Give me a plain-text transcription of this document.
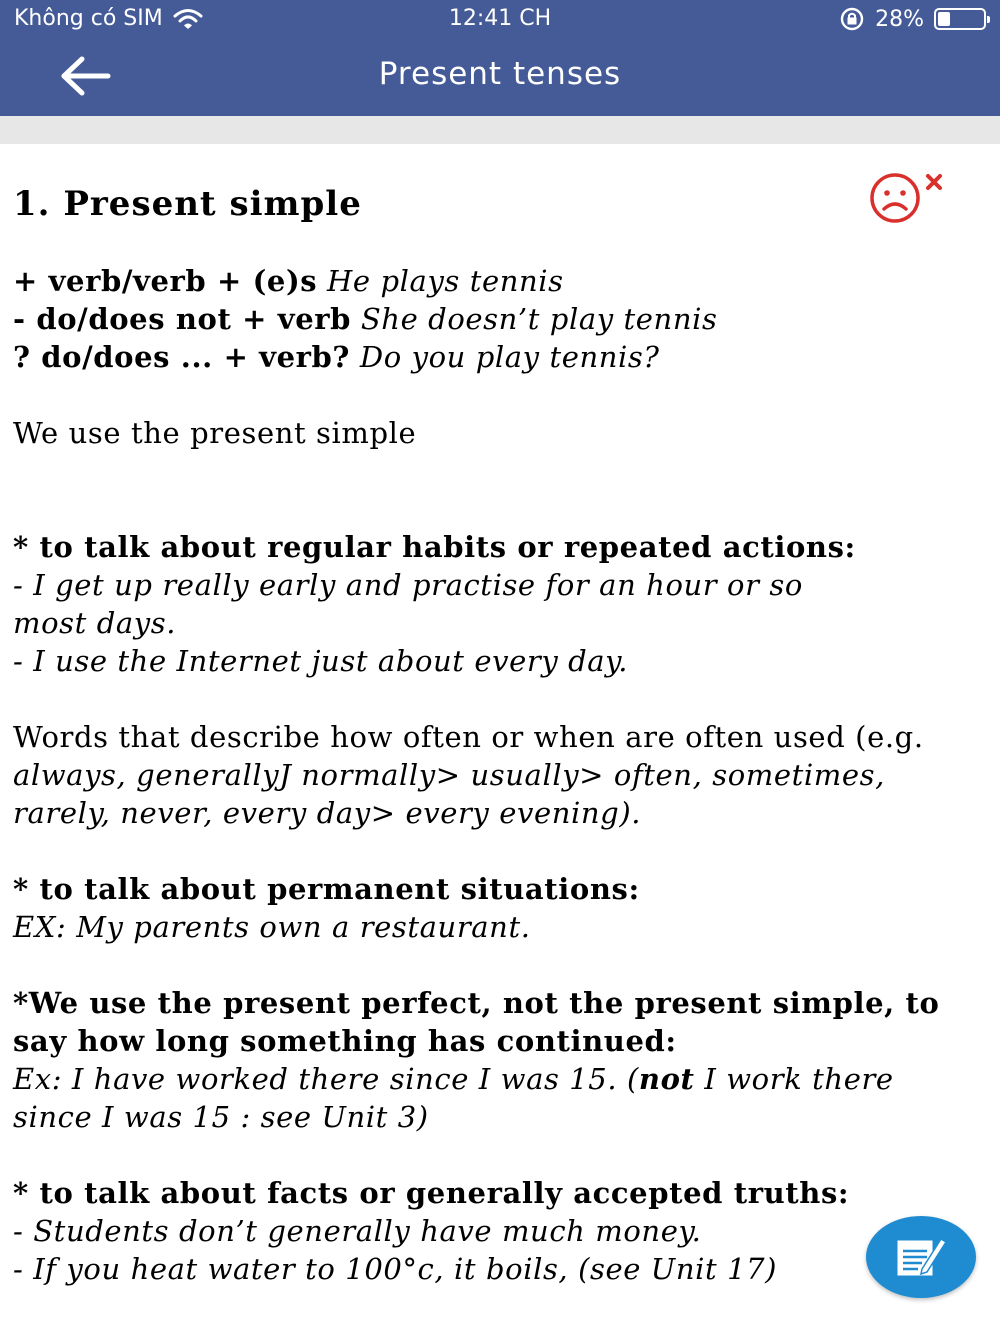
Không có SIM	12:41 CH	28%
Present tenses
1. Present simple
+ verb/verb + (e)s He plays tennis
- do/does not + verb She doesn’t play tennis
? do/does ... + verb? Do you play tennis?
We use the present simple
* to talk about regular habits or repeated actions:
- I get up really early and practise for an hour or so
most days.
- I use the Internet just about every day.
Words that describe how often or when are often used (e.g.
always, generallyJ normally> usually> often, sometimes,
rarely, never, every day> every evening).
* to talk about permanent situations:
EX: My parents own a restaurant.
*We use the present perfect, not the present simple, to
say how long something has continued:
Ex: I have worked there since I was 15. (not I work there
since I was 15 : see Unit 3)
* to talk about facts or generally accepted truths:
- Students don’t generally have much money.
- If you heat water to 100°c, it boils, (see Unit 17)
